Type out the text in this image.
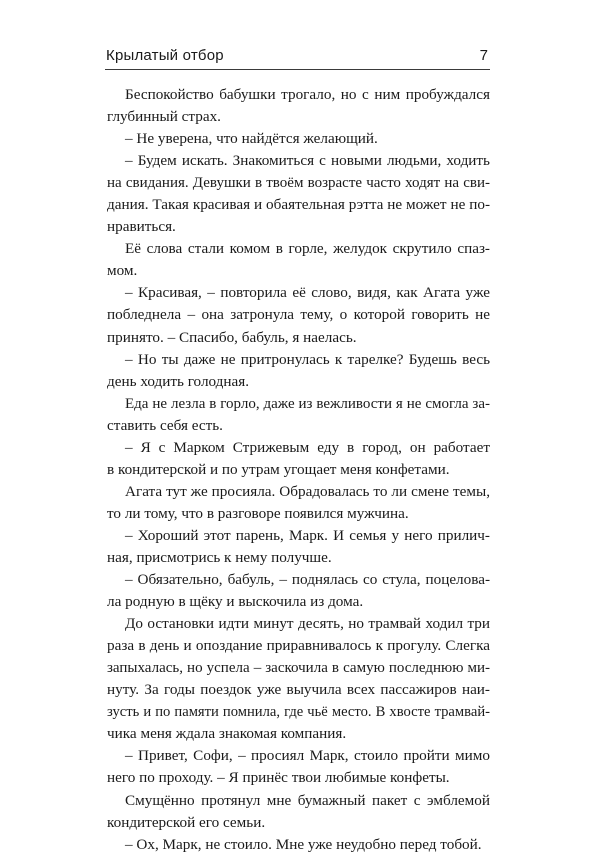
Крылатый отбор	7
Беспокойство бабушки трогало, но с ним пробуждался
глубинный страх.
– Не уверена, что найдётся желающий.
– Будем искать. Знакомиться с новыми людьми, ходить
на свидания. Девушки в твоём возрасте часто ходят на сви-
дания. Такая красивая и обаятельная рэтта не может не по-
нравиться.
Её слова стали комом в горле, желудок скрутило спаз-
мом.
– Красивая, – повторила её слово, видя, как Агата уже
побледнела – она затронула тему, о которой говорить не
принято. – Спасибо, бабуль, я наелась.
– Но ты даже не притронулась к тарелке? Будешь весь
день ходить голодная.
Еда не лезла в горло, даже из вежливости я не смогла за-
ставить себя есть.
– Я с Марком Стрижевым еду в город, он работает
в кондитерской и по утрам угощает меня конфетами.
Агата тут же просияла. Обрадовалась то ли смене темы,
то ли тому, что в разговоре появился мужчина.
– Хороший этот парень, Марк. И семья у него прилич-
ная, присмотрись к нему получше.
– Обязательно, бабуль, – поднялась со стула, поцелова-
ла родную в щёку и выскочила из дома.
До остановки идти минут десять, но трамвай ходил три
раза в день и опоздание приравнивалось к прогулу. Слегка
запыхалась, но успела – заскочила в самую последнюю ми-
нуту. За годы поездок уже выучила всех пассажиров наи-
зусть и по памяти помнила, где чьё место. В хвосте трамвай-
чика меня ждала знакомая компания.
– Привет, Софи, – просиял Марк, стоило пройти мимо
него по проходу. – Я принёс твои любимые конфеты.
Смущённо протянул мне бумажный пакет с эмблемой
кондитерской его семьи.
– Ох, Марк, не стоило. Мне уже неудобно перед тобой.
